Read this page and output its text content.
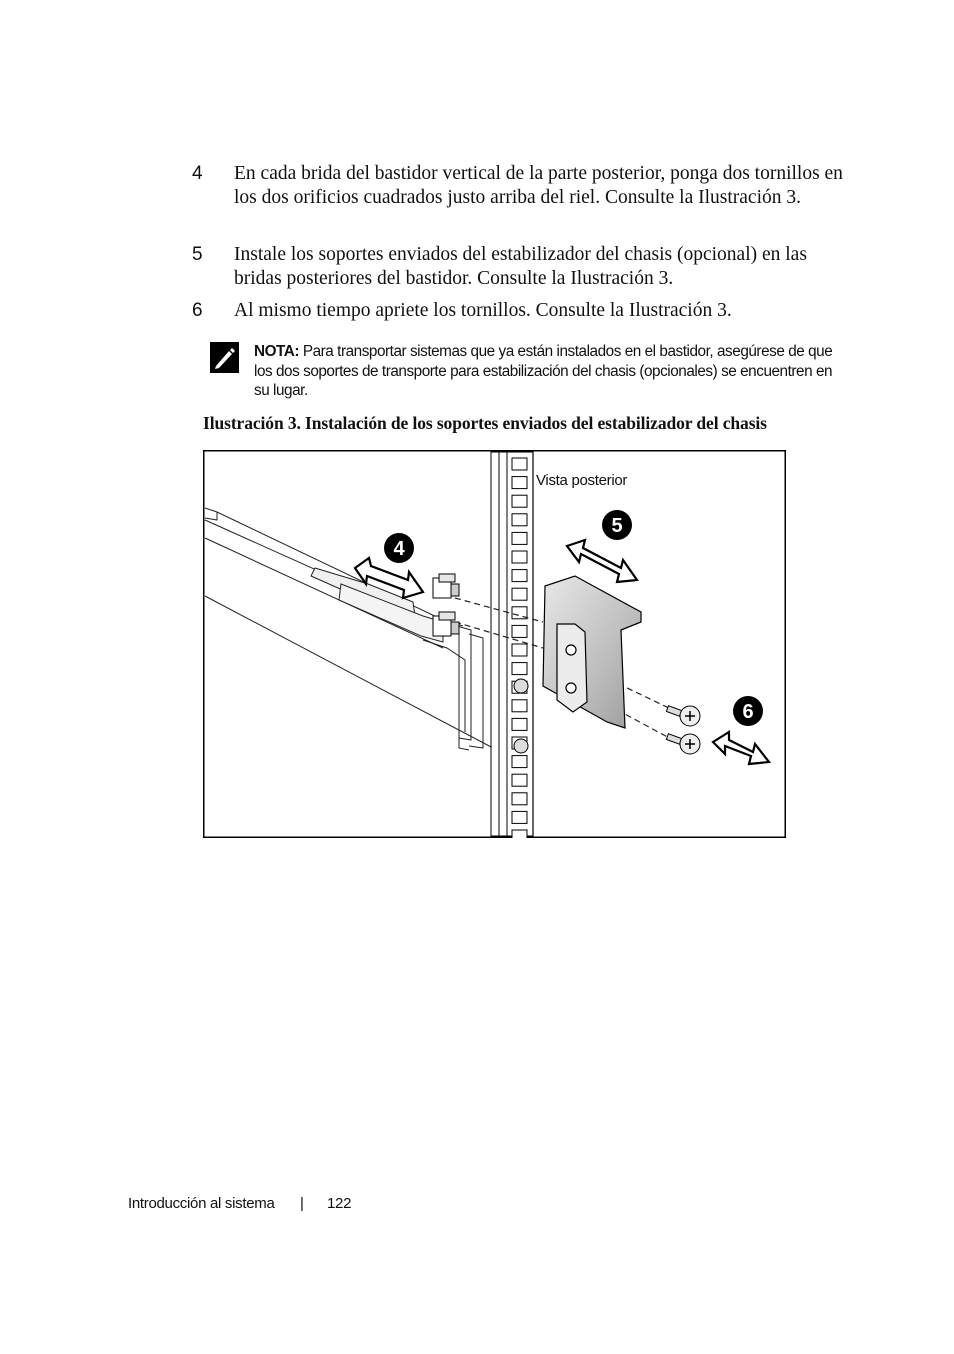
4	En cada brida del bastidor vertical de la parte posterior, ponga dos tornillos en los dos orificios cuadrados justo arriba del riel. Consulte la Ilustración 3.
5	Instale los soportes enviados del estabilizador del chasis (opcional) en las bridas posteriores del bastidor. Consulte la Ilustración 3.
6	Al mismo tiempo apriete los tornillos. Consulte la Ilustración 3.
NOTA: Para transportar sistemas que ya están instalados en el bastidor, asegúrese de que los dos soportes de transporte para estabilización del chasis (opcionales) se encuentren en su lugar.
Ilustración 3. Instalación de los soportes enviados del estabilizador del chasis
4
5
6
Vista posterior
Introducción al sistema | 122
